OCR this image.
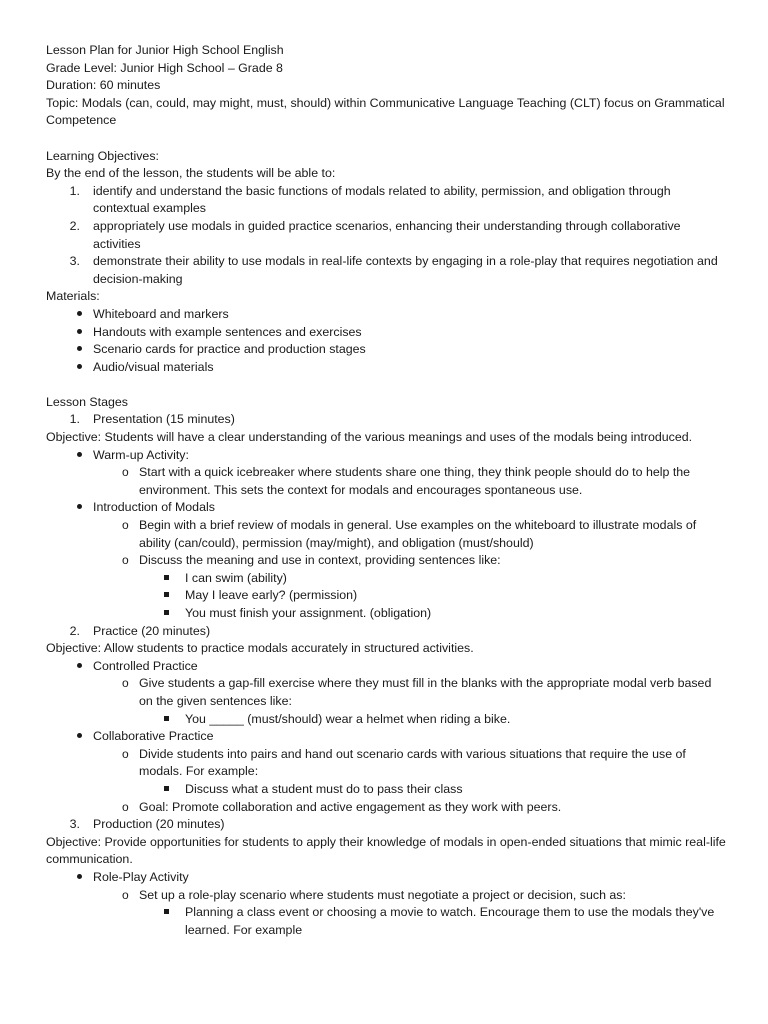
Lesson Plan for Junior High School English
Grade Level: Junior High School – Grade 8
Duration: 60 minutes
Topic: Modals (can, could, may might, must, should) within Communicative Language Teaching (CLT) focus on Grammatical Competence
Learning Objectives:
By the end of the lesson, the students will be able to:
1. identify and understand the basic functions of modals related to ability, permission, and obligation through contextual examples
2. appropriately use modals in guided practice scenarios, enhancing their understanding through collaborative activities
3. demonstrate their ability to use modals in real-life contexts by engaging in a role-play that requires negotiation and decision-making
Materials:
Whiteboard and markers
Handouts with example sentences and exercises
Scenario cards for practice and production stages
Audio/visual materials
Lesson Stages
1. Presentation (15 minutes)
Objective: Students will have a clear understanding of the various meanings and uses of the modals being introduced.
Warm-up Activity:
o Start with a quick icebreaker where students share one thing, they think people should do to help the environment. This sets the context for modals and encourages spontaneous use.
Introduction of Modals
o Begin with a brief review of modals in general. Use examples on the whiteboard to illustrate modals of ability (can/could), permission (may/might), and obligation (must/should)
o Discuss the meaning and use in context, providing sentences like:
I can swim (ability)
May I leave early? (permission)
You must finish your assignment. (obligation)
2. Practice (20 minutes)
Objective: Allow students to practice modals accurately in structured activities.
Controlled Practice
o Give students a gap-fill exercise where they must fill in the blanks with the appropriate modal verb based on the given sentences like:
You _____ (must/should) wear a helmet when riding a bike.
Collaborative Practice
o Divide students into pairs and hand out scenario cards with various situations that require the use of modals. For example:
Discuss what a student must do to pass their class
o Goal: Promote collaboration and active engagement as they work with peers.
3. Production (20 minutes)
Objective: Provide opportunities for students to apply their knowledge of modals in open-ended situations that mimic real-life communication.
Role-Play Activity
o Set up a role-play scenario where students must negotiate a project or decision, such as:
Planning a class event or choosing a movie to watch. Encourage them to use the modals they've learned. For example
